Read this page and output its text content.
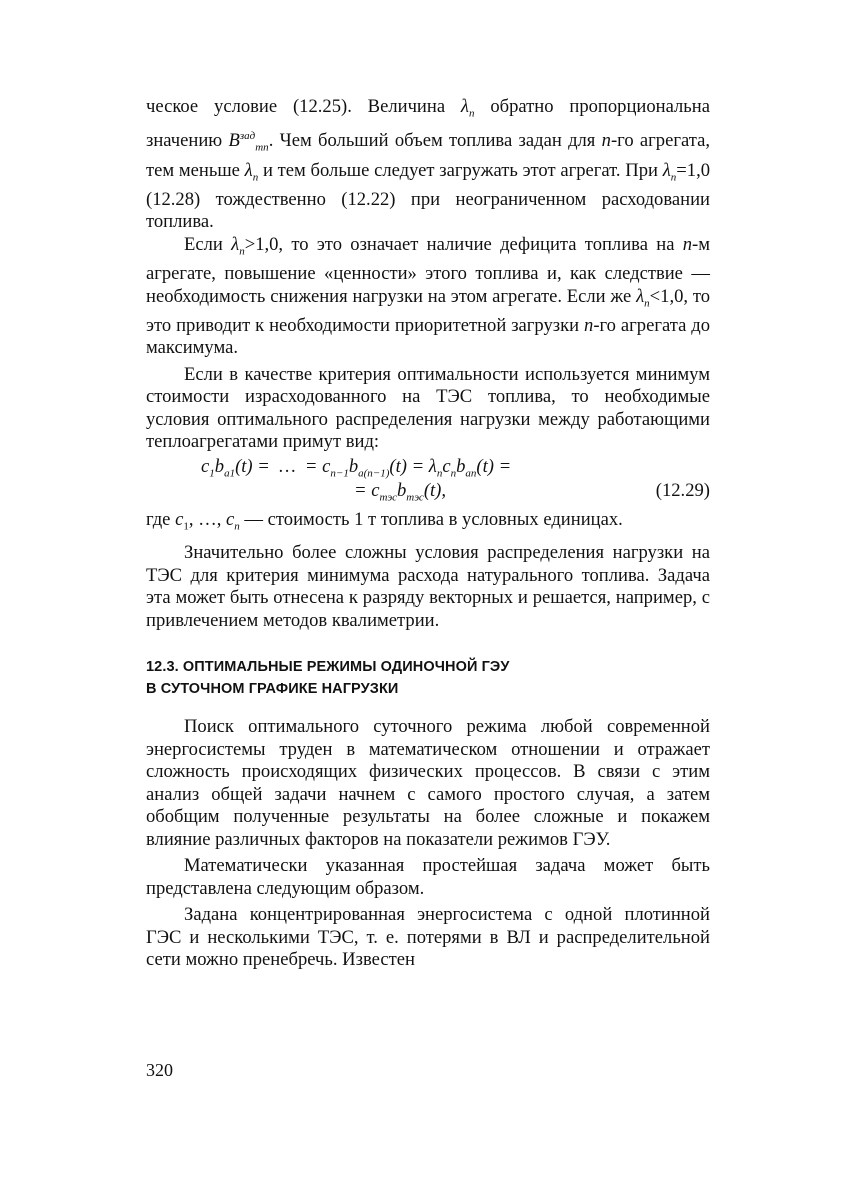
ческое условие (12.25). Величина $\lambda_n$ обратно пропорциональна значению $B^{зад}_{тп}$. Чем больший объем топлива задан для n-го агрегата, тем меньше $\lambda_n$ и тем больше следует загружать этот агрегат. При $\lambda_n=1,0$ (12.28) тождественно (12.22) при неограниченном расходовании топлива.

Если $\lambda_n>1,0$, то это означает наличие дефицита топлива на n-м агрегате, повышение «ценности» этого топлива и, как следствие — необходимость снижения нагрузки на этом агрегате. Если же $\lambda_n<1,0$, то это приводит к необходимости приоритетной загрузки n-го агрегата до максимума.

Если в качестве критерия оптимальности используется минимум стоимости израсходованного на ТЭС топлива, то необходимые условия оптимального распределения нагрузки между работающими теплоагрегатами примут вид:

$c_1b_{a1}(t)$ =  …  = $c_{n-1}b_{a(n-1)}(t) = \lambda_nc_nb_{an}(t)$ =
= $c_{тэс}b_{тэс}(t)$,	(12.29)

где $c_1$, …, $c_n$ — стоимость 1 т топлива в условных единицах.

Значительно более сложны условия распределения нагрузки на ТЭС для критерия минимума расхода натурального топлива. Задача эта может быть отнесена к разряду векторных и решается, например, с привлечением методов квалиметрии.

12.3. ОПТИМАЛЬНЫЕ РЕЖИМЫ ОДИНОЧНОЙ ГЭУ
В СУТОЧНОМ ГРАФИКЕ НАГРУЗКИ

Поиск оптимального суточного режима любой современной энергосистемы труден в математическом отношении и отражает сложность происходящих физических процессов. В связи с этим анализ общей задачи начнем с самого простого случая, а затем обобщим полученные результаты на более сложные и покажем влияние различных факторов на показатели режимов ГЭУ.

Математически указанная простейшая задача может быть представлена следующим образом.

Задана концентрированная энергосистема с одной плотинной ГЭС и несколькими ТЭС, т. е. потерями в ВЛ и распределительной сети можно пренебречь. Известен

320
